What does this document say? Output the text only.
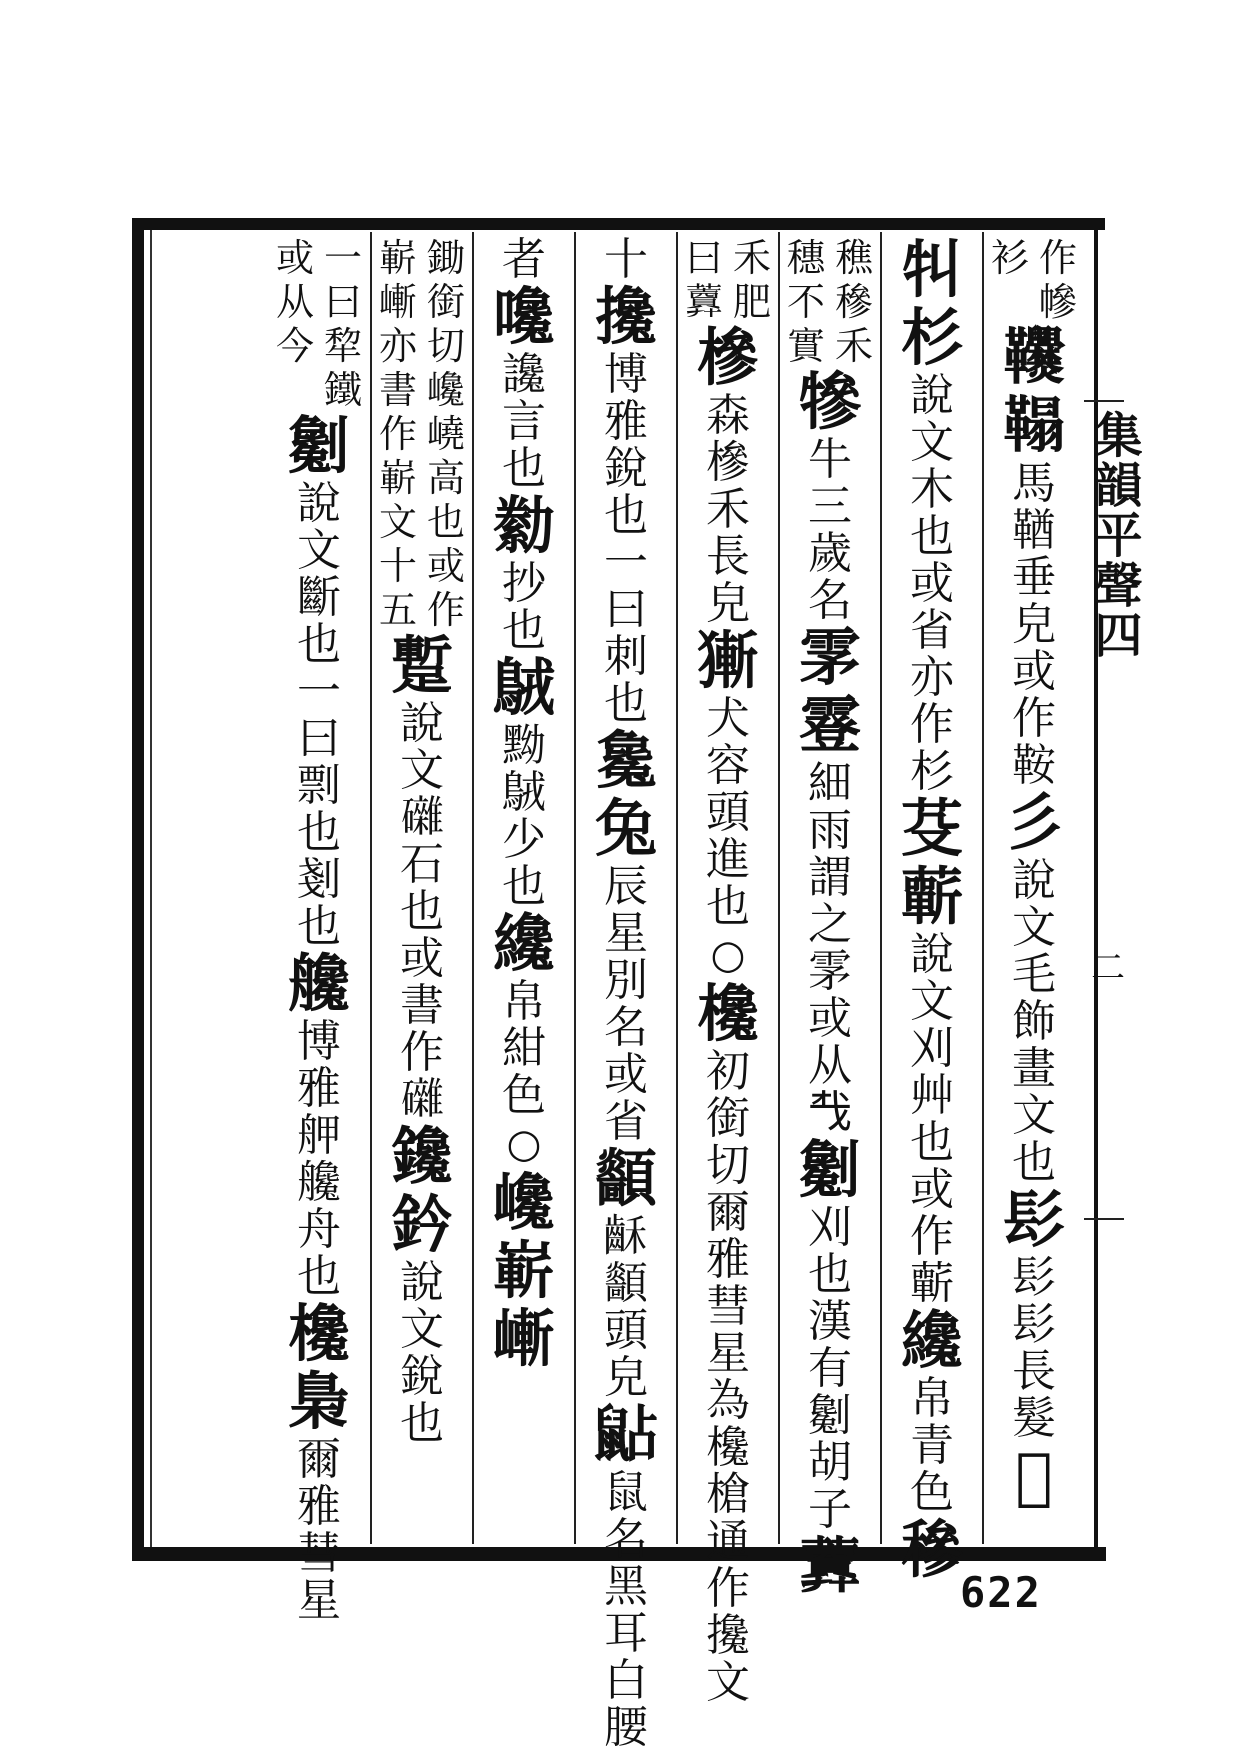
作
幓
衫
𩎑
𩌇
馬
鞧
垂
皃
或
作
鞍
彡
說
文
毛
飾
畫
文
也
髟
髟
髟
長
髮
𣓨
㸨
杉
說
文
木
也
或
省
亦
作
杉
芟
蘄
說
文
刈
艸
也
或
作
蘄
纔
帛
青
色
穇
穛
穇
禾
穗
不
實
犙
牛
三
歲
名
雺
霯
細
雨
謂
之
雺
或
从
𢦔
劖
刈
也
漢
有
劖
胡
子
𧅎
禾
肥
曰
𧅎
槮
森
槮
禾
長
皃
獑
犬
容
頭
進
也
○
欃
初
銜
切
爾
雅
彗
星
為
欃
槍
通
作
攙
文
十
攙
博
雅
銳
也
一
曰
刺
也
毚
兔
辰
星
別
名
或
省
顲
𪗮
顲
頭
皃
𪕐
鼠
名
黑
耳
白
腰
者
嚵
讒
言
也
勬
抄
也
𪀚
黝
𪀚
少
也
纔
帛
紺
色
○
巉
嶄
嶃
鋤
銜
切
巉
嶢
高
也
或
作
嶄
嶃
亦
書
作
嶄
文
十
五
蹔
說
文
𥗭
石
也
或
書
作
𥗭
鑱
鈐
說
文
銳
也
一
曰
犂
鐵
或
从
今
劖
說
文
斷
也
一
曰
剽
也
剗
也
艬
博
雅
舺
艬
舟
也
欃
梟
爾
雅
彗
星
集韻平聲四
二
622
